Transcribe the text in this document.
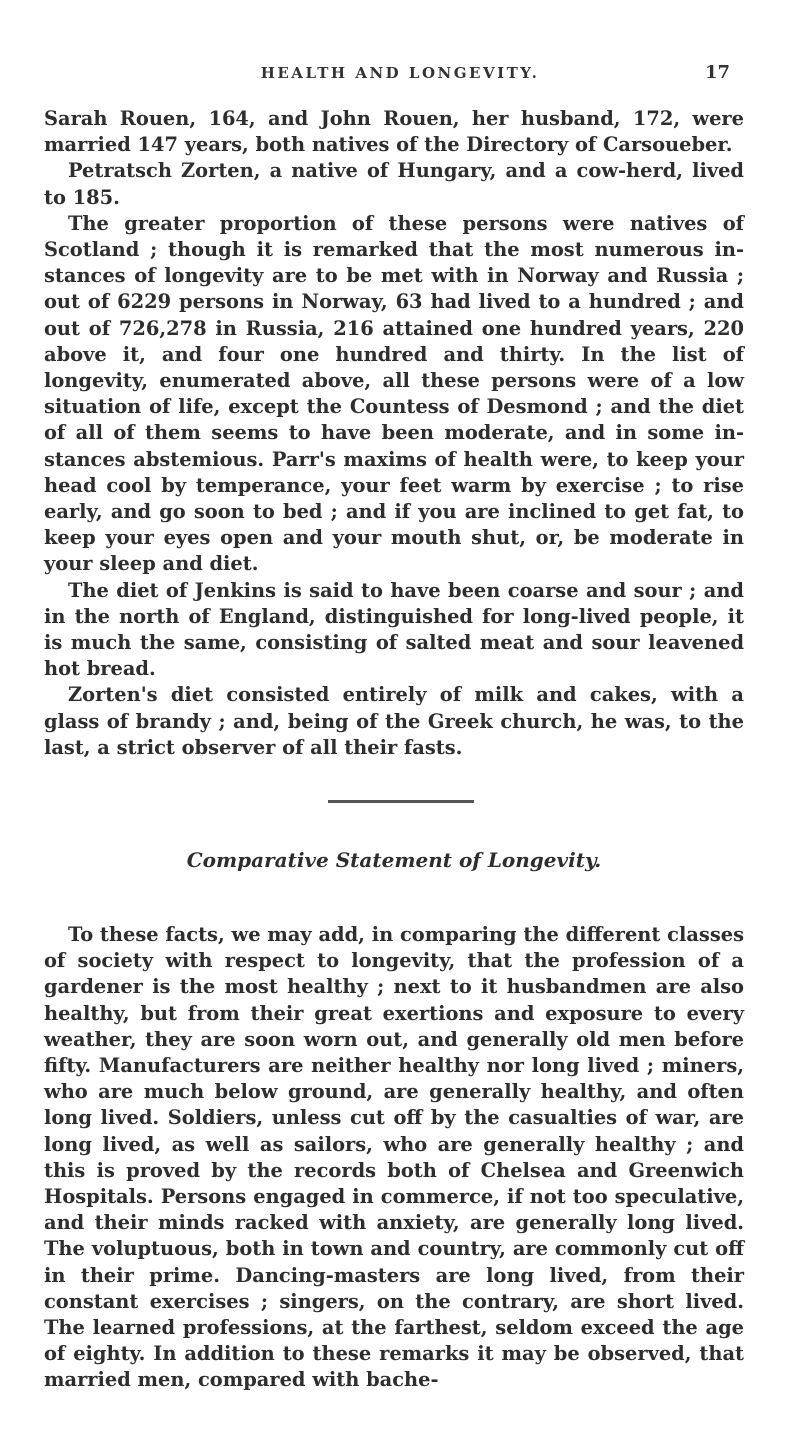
HEALTH AND LONGEVITY.	17

Sarah Rouen, 164, and John Rouen, her husband, 172, were married 147 years, both natives of the Directory of Carsoueber.

Petratsch Zorten, a native of Hungary, and a cow-herd, lived to 185.

The greater proportion of these persons were natives of Scotland ; though it is remarked that the most numerous instances of longevity are to be met with in Norway and Russia ; out of 6229 persons in Norway, 63 had lived to a hundred ; and out of 726,278 in Russia, 216 attained one hundred years, 220 above it, and four one hundred and thirty. In the list of longevity, enumerated above, all these persons were of a low situation of life, except the Countess of Desmond ; and the diet of all of them seems to have been moderate, and in some instances abstemious. Parr's maxims of health were, to keep your head cool by temperance, your feet warm by exercise ; to rise early, and go soon to bed ; and if you are inclined to get fat, to keep your eyes open and your mouth shut, or, be moderate in your sleep and diet.

The diet of Jenkins is said to have been coarse and sour ; and in the north of England, distinguished for long-lived people, it is much the same, consisting of salted meat and sour leavened hot bread.

Zorten's diet consisted entirely of milk and cakes, with a glass of brandy ; and, being of the Greek church, he was, to the last, a strict observer of all their fasts.

Comparative Statement of Longevity.

To these facts, we may add, in comparing the different classes of society with respect to longevity, that the profession of a gardener is the most healthy ; next to it husbandmen are also healthy, but from their great exertions and exposure to every weather, they are soon worn out, and generally old men before fifty. Manufacturers are neither healthy nor long lived ; miners, who are much below ground, are generally healthy, and often long lived. Soldiers, unless cut off by the casualties of war, are long lived, as well as sailors, who are generally healthy ; and this is proved by the records both of Chelsea and Greenwich Hospitals. Persons engaged in commerce, if not too speculative, and their minds racked with anxiety, are generally long lived. The voluptuous, both in town and country, are commonly cut off in their prime. Dancing-masters are long lived, from their constant exercises ; singers, on the contrary, are short lived. The learned professions, at the farthest, seldom exceed the age of eighty. In addition to these remarks it may be observed, that married men, compared with bache-
